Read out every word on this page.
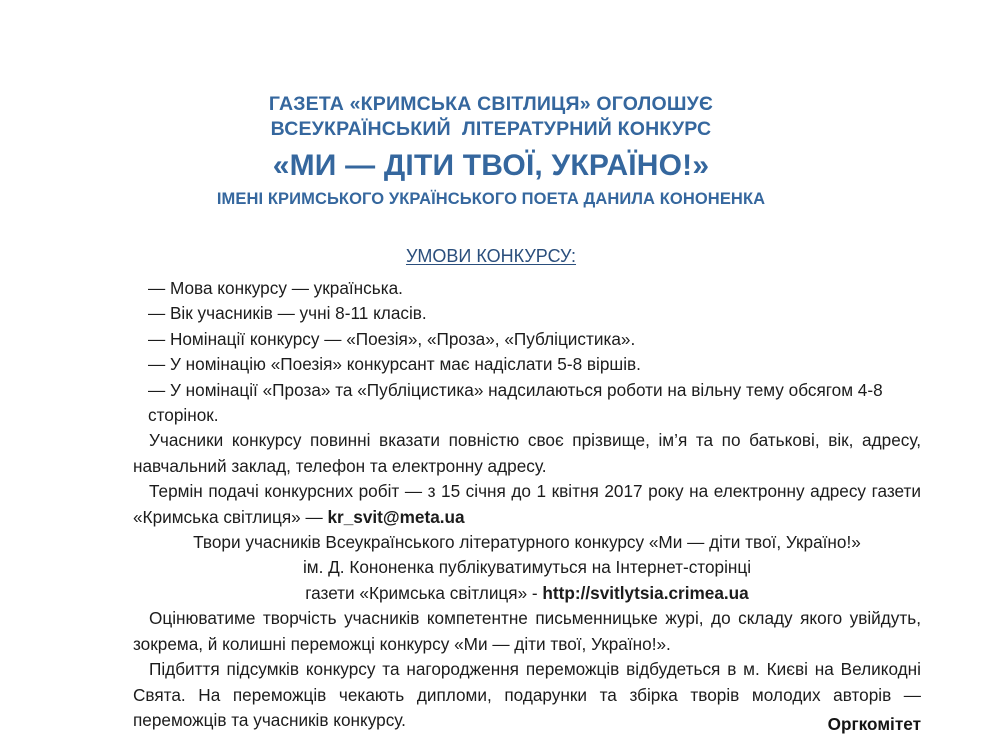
ГАЗЕТА «КРИМСЬКА СВІТЛИЦЯ» ОГОЛОШУЄ
ВСЕУКРАЇНСЬКИЙ  ЛІТЕРАТУРНИЙ КОНКУРС
«МИ — ДІТИ ТВОЇ, УКРАЇНО!»
ІМЕНІ КРИМСЬКОГО УКРАЇНСЬКОГО ПОЕТА ДАНИЛА КОНОНЕНКА
УМОВИ КОНКУРСУ:
— Мова конкурсу — українська.
— Вік учасників — учні 8-11 класів.
— Номінації конкурсу — «Поезія», «Проза», «Публіцистика».
— У номінацію «Поезія» конкурсант має надіслати 5-8 віршів.
— У номінації «Проза» та «Публіцистика» надсилаються роботи на вільну тему обсягом 4-8 сторінок.

Учасники конкурсу повинні вказати повністю своє прізвище, ім’я та по батькові, вік, адресу, навчальний заклад, телефон та електронну адресу.

Термін подачі конкурсних робіт — з 15 січня до 1 квітня 2017 року на електронну адресу газети «Кримська світлиця» — kr_svit@meta.ua

Твори учасників Всеукраїнського літературного конкурсу «Ми — діти твої, Україно!»
ім. Д. Кононенка публікуватимуться на Інтернет-сторінці
газети «Кримська світлиця» - http://svitlytsia.crimea.ua

Оцінюватиме творчість учасників компетентне письменницьке журі, до складу якого увійдуть, зокрема, й колишні переможці конкурсу «Ми — діти твої, Україно!».

Підбиття підсумків конкурсу та нагородження переможців відбудеться в м. Києві на Великодні Свята. На переможців чекають дипломи, подарунки та збірка творів молодих авторів — переможців та учасників конкурсу.	Оргкомітет
